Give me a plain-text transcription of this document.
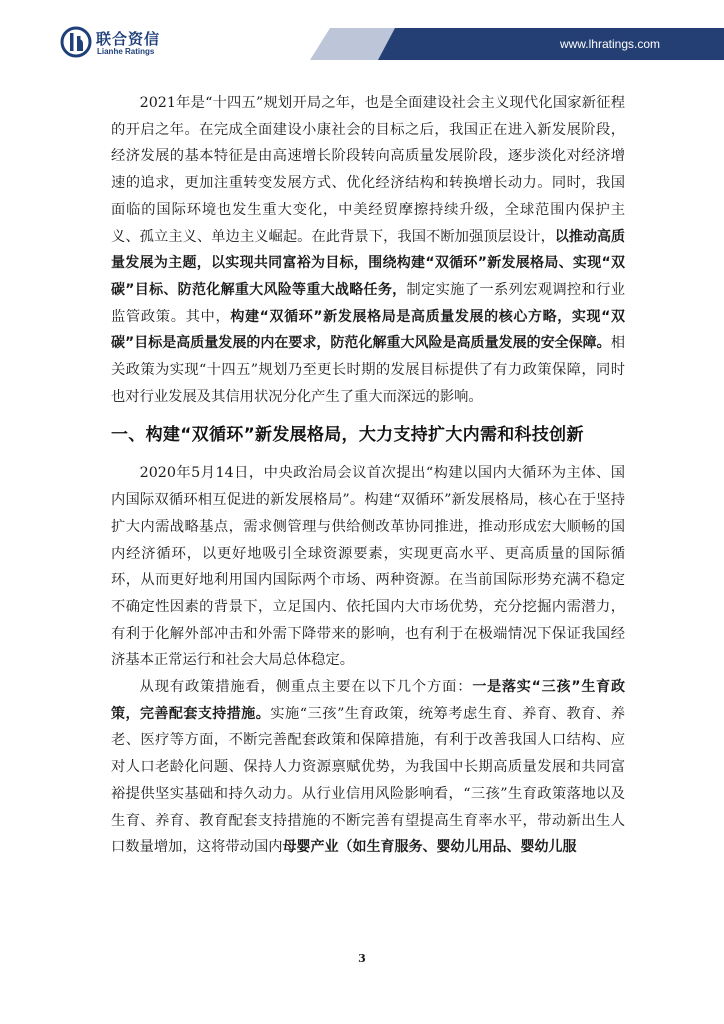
联合资信
Lianhe Ratings
www.lhratings.com

2021年是“十四五”规划开局之年，也是全面建设社会主义现代化国家新征程的开启之年。在完成全面建设小康社会的目标之后，我国正在进入新发展阶段，经济发展的基本特征是由高速增长阶段转向高质量发展阶段，逐步淡化对经济增速的追求，更加注重转变发展方式、优化经济结构和转换增长动力。同时，我国面临的国际环境也发生重大变化，中美经贸摩擦持续升级，全球范围内保护主义、孤立主义、单边主义崛起。在此背景下，我国不断加强顶层设计，以推动高质量发展为主题，以实现共同富裕为目标，围绕构建“双循环”新发展格局、实现“双碳”目标、防范化解重大风险等重大战略任务，制定实施了一系列宏观调控和行业监管政策。其中，构建“双循环”新发展格局是高质量发展的核心方略，实现“双碳”目标是高质量发展的内在要求，防范化解重大风险是高质量发展的安全保障。相关政策为实现“十四五”规划乃至更长时期的发展目标提供了有力政策保障，同时也对行业发展及其信用状况分化产生了重大而深远的影响。

一、构建“双循环”新发展格局，大力支持扩大内需和科技创新

2020年5月14日，中央政治局会议首次提出“构建以国内大循环为主体、国内国际双循环相互促进的新发展格局”。构建“双循环”新发展格局，核心在于坚持扩大内需战略基点，需求侧管理与供给侧改革协同推进，推动形成宏大顺畅的国内经济循环，以更好地吸引全球资源要素，实现更高水平、更高质量的国际循环，从而更好地利用国内国际两个市场、两种资源。在当前国际形势充满不稳定不确定性因素的背景下，立足国内、依托国内大市场优势，充分挖掘内需潜力，有利于化解外部冲击和外需下降带来的影响，也有利于在极端情况下保证我国经济基本正常运行和社会大局总体稳定。

从现有政策措施看，侧重点主要在以下几个方面：一是落实“三孩”生育政策，完善配套支持措施。实施“三孩”生育政策，统筹考虑生育、养育、教育、养老、医疗等方面，不断完善配套政策和保障措施，有利于改善我国人口结构、应对人口老龄化问题、保持人力资源禀赋优势，为我国中长期高质量发展和共同富裕提供坚实基础和持久动力。从行业信用风险影响看，“三孩”生育政策落地以及生育、养育、教育配套支持措施的不断完善有望提高生育率水平，带动新出生人口数量增加，这将带动国内母婴产业（如生育服务、婴幼儿用品、婴幼儿服

3
